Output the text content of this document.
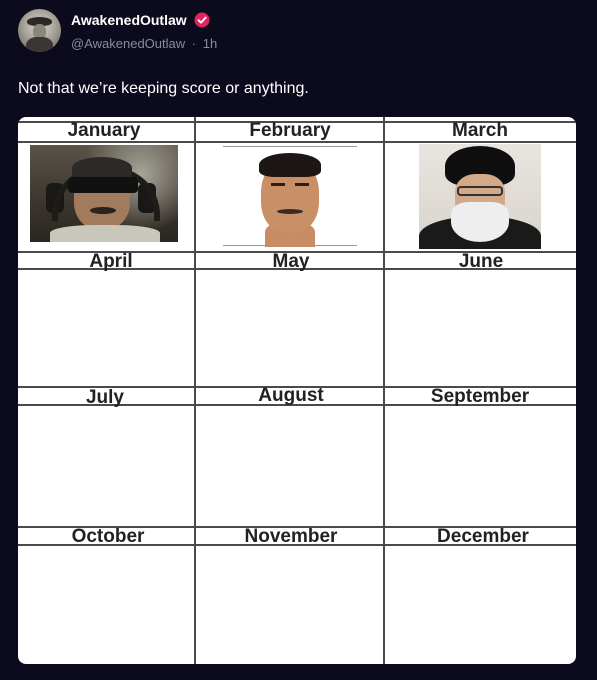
AwakenedOutlaw
@AwakenedOutlaw · 1h
Not that we’re keeping score or anything.
January	February	March
April	May	June
July	August	September
October	November	December
